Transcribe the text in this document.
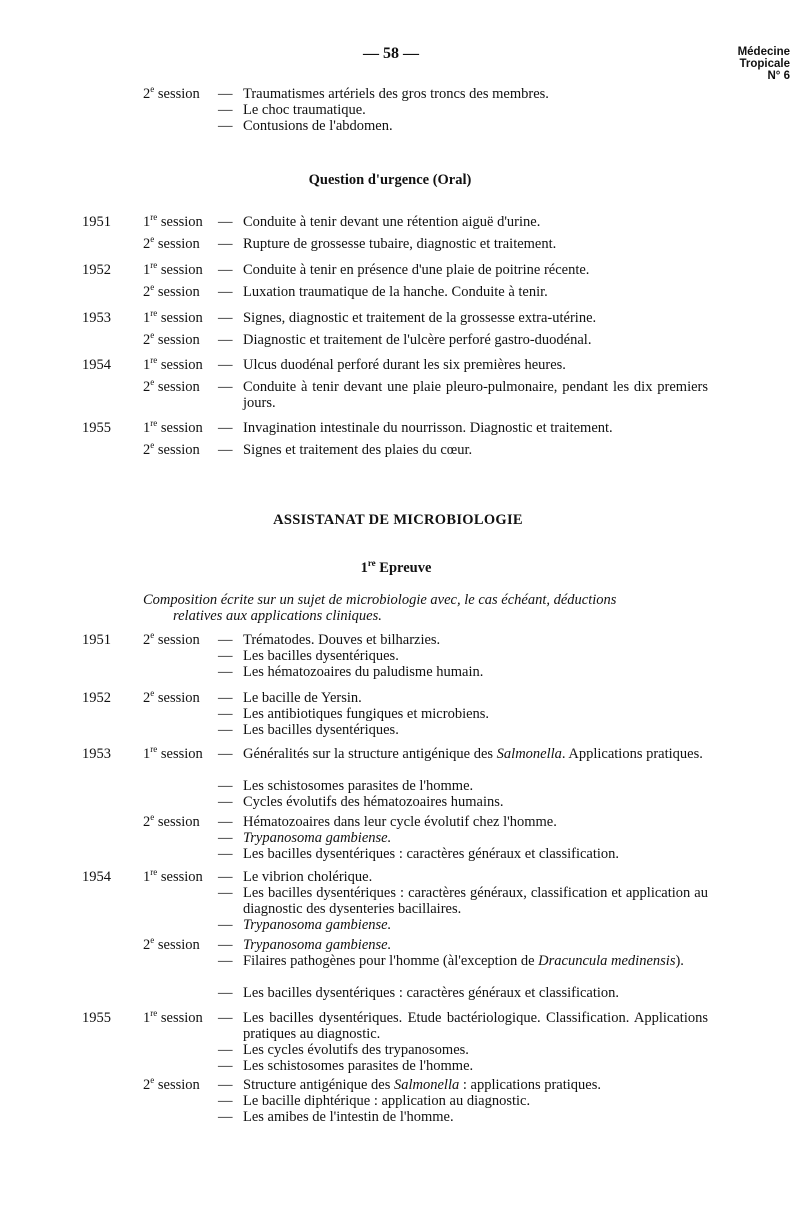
— 58 —	Médecine
Tropicale
N° 6
2e session — Traumatismes artériels des gros troncs des membres.
— Le choc traumatique.
— Contusions de l'abdomen.
Question d'urgence (Oral)
1951 1re session — Conduite à tenir devant une rétention aiguë d'urine.
2e session — Rupture de grossesse tubaire, diagnostic et traitement.
1952 1re session — Conduite à tenir en présence d'une plaie de poitrine récente.
2e session — Luxation traumatique de la hanche. Conduite à tenir.
1953 1re session — Signes, diagnostic et traitement de la grossesse extra-utérine.
2e session — Diagnostic et traitement de l'ulcère perforé gastro-duodénal.
1954 1re session — Ulcus duodénal perforé durant les six premières heures.
2e session — Conduite à tenir devant une plaie pleuro-pulmonaire, pendant les dix premiers jours.
1955 1re session — Invagination intestinale du nourrisson. Diagnostic et traitement.
2e session — Signes et traitement des plaies du cœur.
ASSISTANAT DE MICROBIOLOGIE
1re Epreuve
Composition écrite sur un sujet de microbiologie avec, le cas échéant, déductions
relatives aux applications cliniques.
1951 2e session — Trématodes. Douves et bilharzies.
— Les bacilles dysentériques.
— Les hématozoaires du paludisme humain.
1952 2e session — Le bacille de Yersin.
— Les antibiotiques fungiques et microbiens.
— Les bacilles dysentériques.
1953 1re session — Généralités sur la structure antigénique des Salmonella. Applications pratiques.
— Les schistosomes parasites de l'homme.
— Cycles évolutifs des hématozoaires humains.
2e session — Hématozoaires dans leur cycle évolutif chez l'homme.
— Trypanosoma gambiense.
— Les bacilles dysentériques : caractères généraux et classification.
1954 1re session — Le vibrion cholérique.
— Les bacilles dysentériques : caractères généraux, classification et application au diagnostic des dysenteries bacillaires.
— Trypanosoma gambiense.
2e session — Trypanosoma gambiense.
— Filaires pathogènes pour l'homme (àl'exception de Dracuncula medinensis).
— Les bacilles dysentériques : caractères généraux et classification.
1955 1re session — Les bacilles dysentériques. Etude bactériologique. Classification. Applications pratiques au diagnostic.
— Les cycles évolutifs des trypanosomes.
— Les schistosomes parasites de l'homme.
2e session — Structure antigénique des Salmonella : applications pratiques.
— Le bacille diphtérique : application au diagnostic.
— Les amibes de l'intestin de l'homme.
